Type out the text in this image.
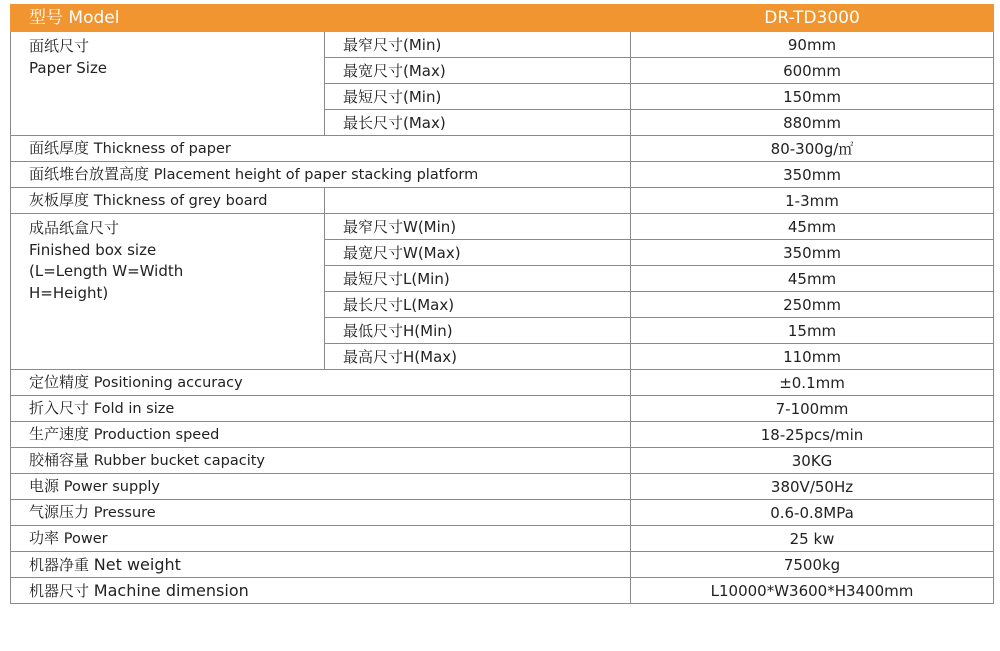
型号 Model		DR-TD3000

面纸尺寸
Paper Size	最窄尺寸(Min)	90mm
	最宽尺寸(Max)	600mm
	最短尺寸(Min)	150mm
	最长尺寸(Max)	880mm
面纸厚度 Thickness of paper		80-300g/㎡
面纸堆台放置高度 Placement height of paper stacking platform		350mm
灰板厚度 Thickness of grey board		1-3mm

成品纸盒尺寸
Finished box size
(L=Length W=Width
H=Height)	最窄尺寸W(Min)	45mm
	最宽尺寸W(Max)	350mm
	最短尺寸L(Min)	45mm
	最长尺寸L(Max)	250mm
	最低尺寸H(Min)	15mm
	最高尺寸H(Max)	110mm
定位精度 Positioning accuracy		±0.1mm
折入尺寸 Fold in size		7-100mm
生产速度 Production speed		18-25pcs/min
胶桶容量 Rubber bucket capacity		30KG
电源 Power supply		380V/50Hz
气源压力 Pressure		0.6-0.8MPa
功率 Power		25 kw
机器净重 Net weight		7500kg
机器尺寸 Machine dimension		L10000*W3600*H3400mm
